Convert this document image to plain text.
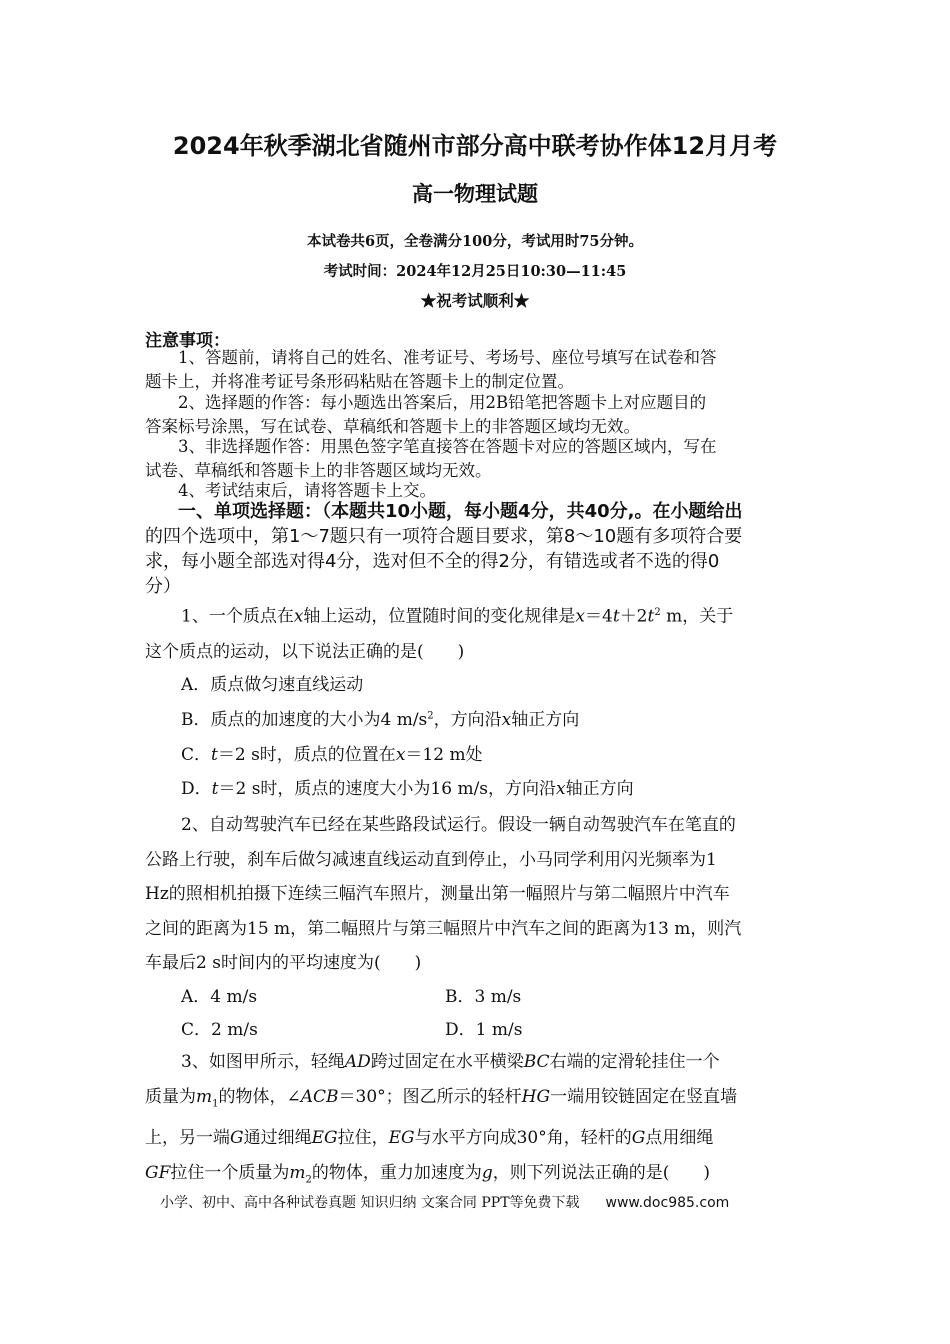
2024年秋季湖北省随州市部分高中联考协作体12月月考
高一物理试题
本试卷共6页，全卷满分100分，考试用时75分钟。
考试时间：2024年12月25日10:30—11:45
★祝考试顺利★
注意事项：
1、答题前，请将自己的姓名、准考证号、考场号、座位号填写在试卷和答
题卡上，并将准考证号条形码粘贴在答题卡上的制定位置。
2、选择题的作答：每小题选出答案后，用2B铅笔把答题卡上对应题目的
答案标号涂黑，写在试卷、草稿纸和答题卡上的非答题区域均无效。
3、非选择题作答：用黑色签字笔直接答在答题卡对应的答题区域内，写在
试卷、草稿纸和答题卡上的非答题区域均无效。
4、考试结束后，请将答题卡上交。
一、单项选择题：（本题共10小题，每小题4分，共40分,。在小题给出
的四个选项中，第1～7题只有一项符合题目要求，第8～10题有多项符合要
求，每小题全部选对得4分，选对但不全的得2分，有错选或者不选的得0
分）
1、一个质点在x轴上运动，位置随时间的变化规律是$x=4t+2t^2$ m，关于
这个质点的运动，以下说法正确的是(　　)
A．质点做匀速直线运动
B．质点的加速度的大小为4 $m/s^2$，方向沿x轴正方向
C．t＝2 s时，质点的位置在x＝12 m处
D．t＝2 s时，质点的速度大小为16 m/s，方向沿x轴正方向
2、自动驾驶汽车已经在某些路段试运行。假设一辆自动驾驶汽车在笔直的
公路上行驶，刹车后做匀减速直线运动直到停止，小马同学利用闪光频率为1
Hz的照相机拍摄下连续三幅汽车照片，测量出第一幅照片与第二幅照片中汽车
之间的距离为15 m，第二幅照片与第三幅照片中汽车之间的距离为13 m，则汽
车最后2 s时间内的平均速度为(　　)
A．4 m/s	B．3 m/s
C．2 m/s	D．1 m/s
3、如图甲所示，轻绳AD跨过固定在水平横梁BC右端的定滑轮挂住一个
质量为$m_1$的物体，∠ACB＝30°；图乙所示的轻杆HG一端用铰链固定在竖直墙
上，另一端G通过细绳EG拉住，EG与水平方向成30°角，轻杆的G点用细绳
GF拉住一个质量为$m_2$的物体，重力加速度为g，则下列说法正确的是(　　)
小学、初中、高中各种试卷真题 知识归纳 文案合同 PPT等免费下载 www.doc985.com
